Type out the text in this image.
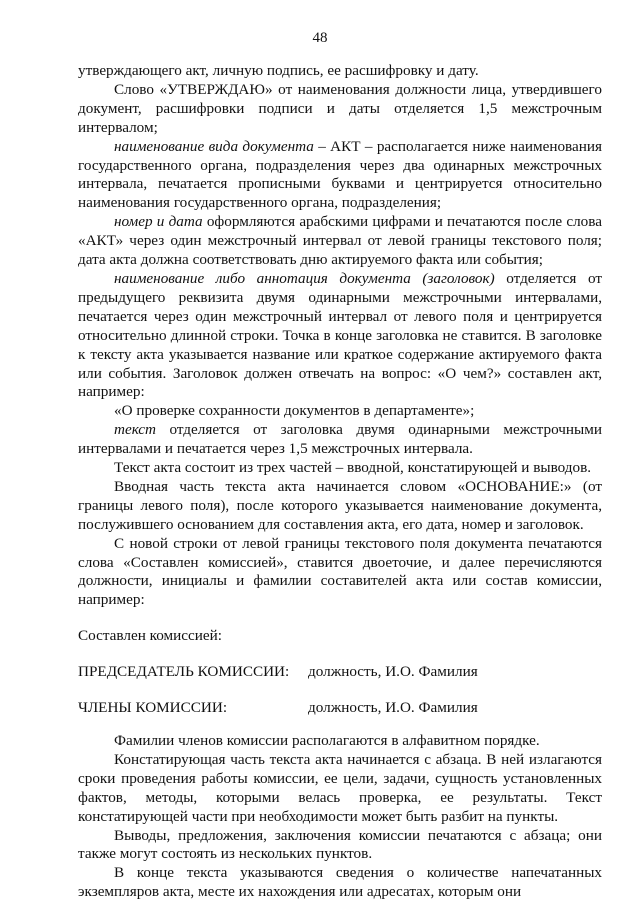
48

утверждающего акт, личную подпись, ее расшифровку и дату.

Слово «УТВЕРЖДАЮ» от наименования должности лица, утвердившего документ, расшифровки подписи и даты отделяется 1,5 межстрочным интервалом;

наименование вида документа – АКТ – располагается ниже наименования государственного органа, подразделения через два одинарных межстрочных интервала, печатается прописными буквами и центрируется относительно наименования государственного органа, подразделения;

номер и дата оформляются арабскими цифрами и печатаются после слова «АКТ» через один межстрочный интервал от левой границы текстового поля; дата акта должна соответствовать дню актируемого факта или события;

наименование либо аннотация документа (заголовок) отделяется от предыдущего реквизита двумя одинарными межстрочными интервалами, печатается через один межстрочный интервал от левого поля и центрируется относительно длинной строки. Точка в конце заголовка не ставится. В заголовке к тексту акта указывается название или краткое содержание актируемого факта или события. Заголовок должен отвечать на вопрос: «О чем?» составлен акт, например:

«О проверке сохранности документов в департаменте»;

текст отделяется от заголовка двумя одинарными межстрочными интервалами и печатается через 1,5 межстрочных интервала.

Текст акта состоит из трех частей – вводной, констатирующей и выводов.

Вводная часть текста акта начинается словом «ОСНОВАНИЕ:» (от границы левого поля), после которого указывается наименование документа, послужившего основанием для составления акта, его дата, номер и заголовок.

С новой строки от левой границы текстового поля документа печатаются слова «Составлен комиссией», ставится двоеточие, и далее перечисляются должности, инициалы и фамилии составителей акта или состав комиссии, например:

Составлен комиссией:

ПРЕДСЕДАТЕЛЬ КОМИССИИ:	должность, И.О. Фамилия
ЧЛЕНЫ КОМИССИИ:	должность, И.О. Фамилия

Фамилии членов комиссии располагаются в алфавитном порядке.

Констатирующая часть текста акта начинается с абзаца. В ней излагаются сроки проведения работы комиссии, ее цели, задачи, сущность установленных фактов, методы, которыми велась проверка, ее результаты. Текст констатирующей части при необходимости может быть разбит на пункты.

Выводы, предложения, заключения комиссии печатаются с абзаца; они также могут состоять из нескольких пунктов.

В конце текста указываются сведения о количестве напечатанных экземпляров акта, месте их нахождения или адресатах, которым они
